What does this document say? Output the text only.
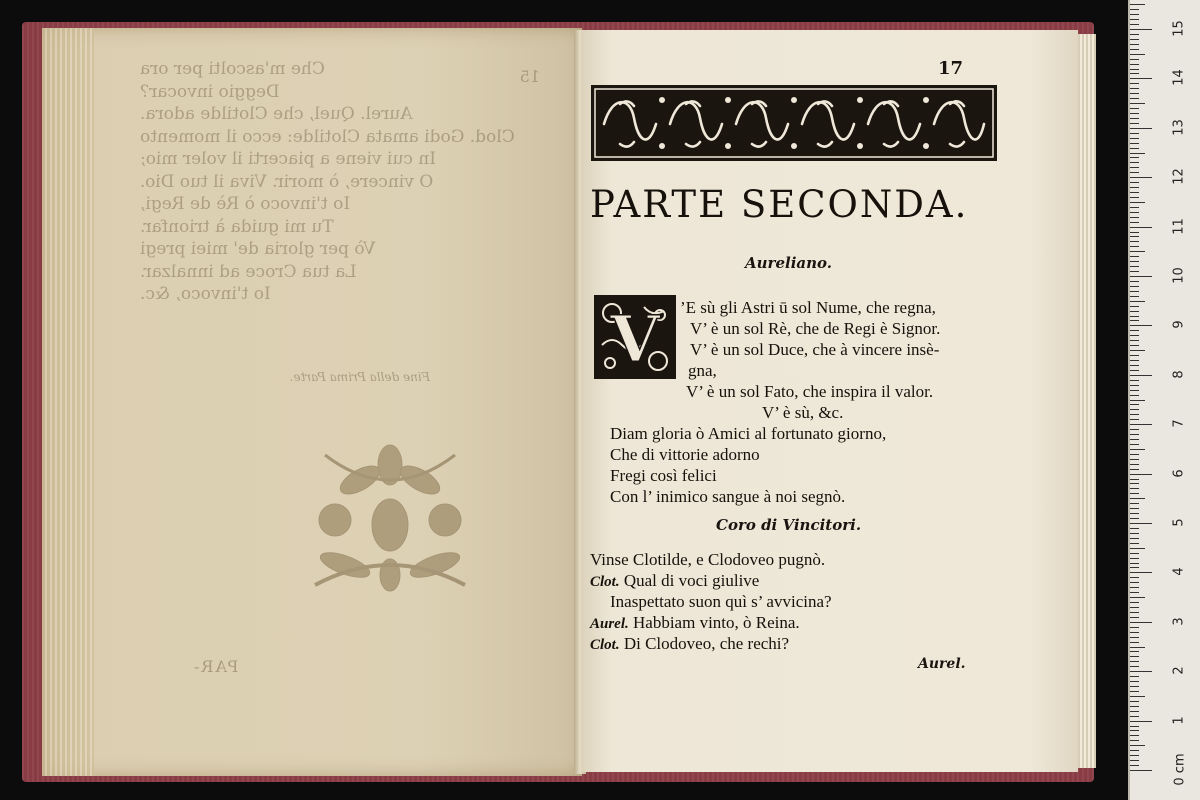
15
Che m'ascolti per ora
Deggio invocar?
Aurel. Quel, che Clotilde adora.
Clod. Godi amata Clotilde: ecco il momento
In cui viene a piacerti il voler mio;
O vincere, ò morir. Viva il tuo Dio.
Io t'invoco ò Rè de Regi,
Tu mi guida à trionfar.
Vò per gloria de' miei pregi
La tua Croce ad innalzar.
Io t'invoco, &c.
Fine della Prima Parte.
PAR-
17
PARTE SECONDA.
Aureliano.
V ’E sù gli Astri ū sol Nume, che regna,
V’ è un sol Rè, che de Regi è Signor.
V’ è un sol Duce, che à vincere insè-
gna,
V’ è un sol Fato, che inspira il valor.
V’ è sù, &c.
Diam gloria ò Amici al fortunato giorno,
Che di vittorie adorno
Fregi così felici
Con l’ inimico sangue à noi segnò.
Coro di Vincitori.
Vinse Clotilde, e Clodoveo pugnò.
Clot. Qual di voci giulive
Inaspettato suon quì s’ avvicina?
Aurel. Habbiam vinto, ò Reina.
Clot. Di Clodoveo, che rechi?
Aurel.
0 cm
1
2
3
4
5
6
7
8
9
10
11
12
13
14
15
